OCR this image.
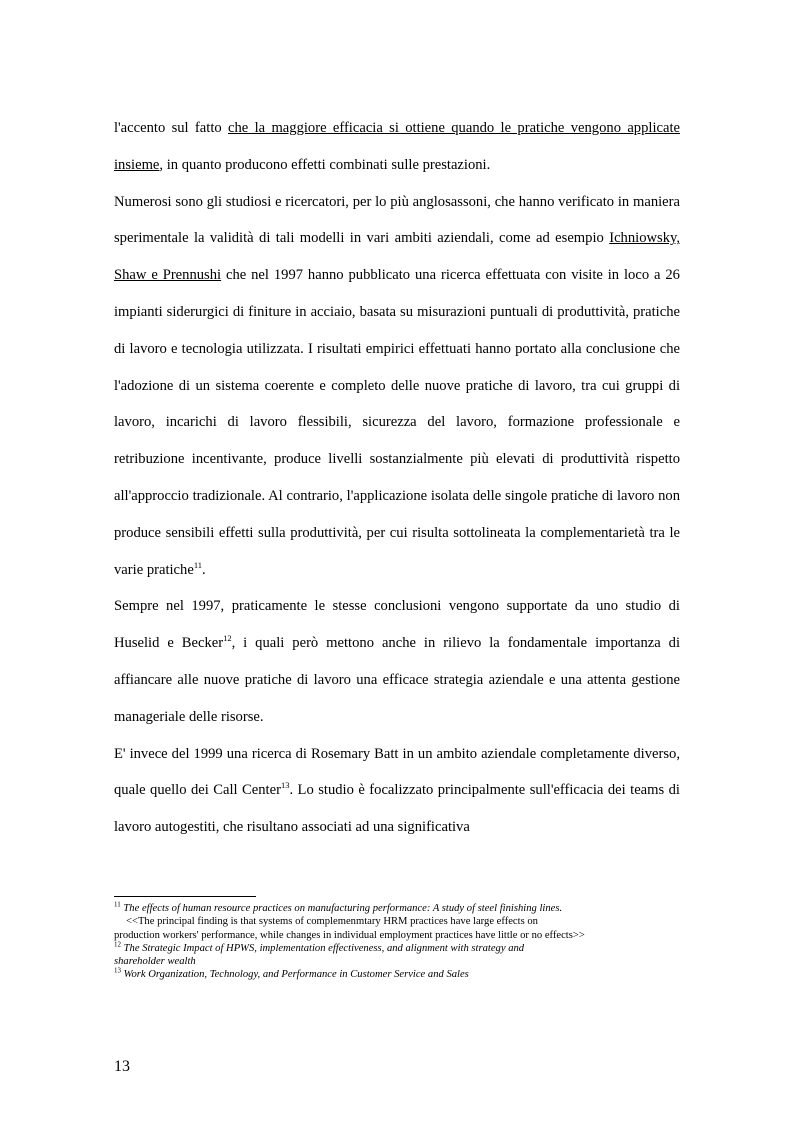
l'accento sul fatto che la maggiore efficacia si ottiene quando le pratiche vengono applicate insieme, in quanto producono effetti combinati sulle prestazioni.

Numerosi sono gli studiosi e ricercatori, per lo più anglosassoni, che hanno verificato in maniera sperimentale la validità di tali modelli in vari ambiti aziendali, come ad esempio Ichniowsky, Shaw e Prennushi che nel 1997 hanno pubblicato una ricerca effettuata con visite in loco a 26 impianti siderurgici di finiture in acciaio, basata su misurazioni puntuali di produttività, pratiche di lavoro e tecnologia utilizzata. I risultati empirici effettuati hanno portato alla conclusione che l'adozione di un sistema coerente e completo delle nuove pratiche di lavoro, tra cui gruppi di lavoro, incarichi di lavoro flessibili, sicurezza del lavoro, formazione professionale e retribuzione incentivante, produce livelli sostanzialmente più elevati di produttività rispetto all'approccio tradizionale. Al contrario, l'applicazione isolata delle singole pratiche di lavoro non produce sensibili effetti sulla produttività, per cui risulta sottolineata la complementarietà tra le varie pratiche$^{11}$.

Sempre nel 1997, praticamente le stesse conclusioni vengono supportate da uno studio di Huselid e Becker$^{12}$, i quali però mettono anche in rilievo la fondamentale importanza di affiancare alle nuove pratiche di lavoro una efficace strategia aziendale e una attenta gestione manageriale delle risorse.

E' invece del 1999 una ricerca di Rosemary Batt in un ambito aziendale completamente diverso, quale quello dei Call Center$^{13}$. Lo studio è focalizzato principalmente sull'efficacia dei teams di lavoro autogestiti, che risultano associati ad una significativa

$^{11}$ The effects of human resource practices on manufacturing performance: A study of steel finishing lines.
<<The principal finding is that systems of complemenmtary HRM practices have large effects on
production workers' performance, while changes in individual employment practices have little or no effects>>

$^{12}$ The Strategic Impact of HPWS, implementation effectiveness, and alignment with strategy and
shareholder wealth

$^{13}$ Work Organization, Technology, and Performance in Customer Service and Sales

13
